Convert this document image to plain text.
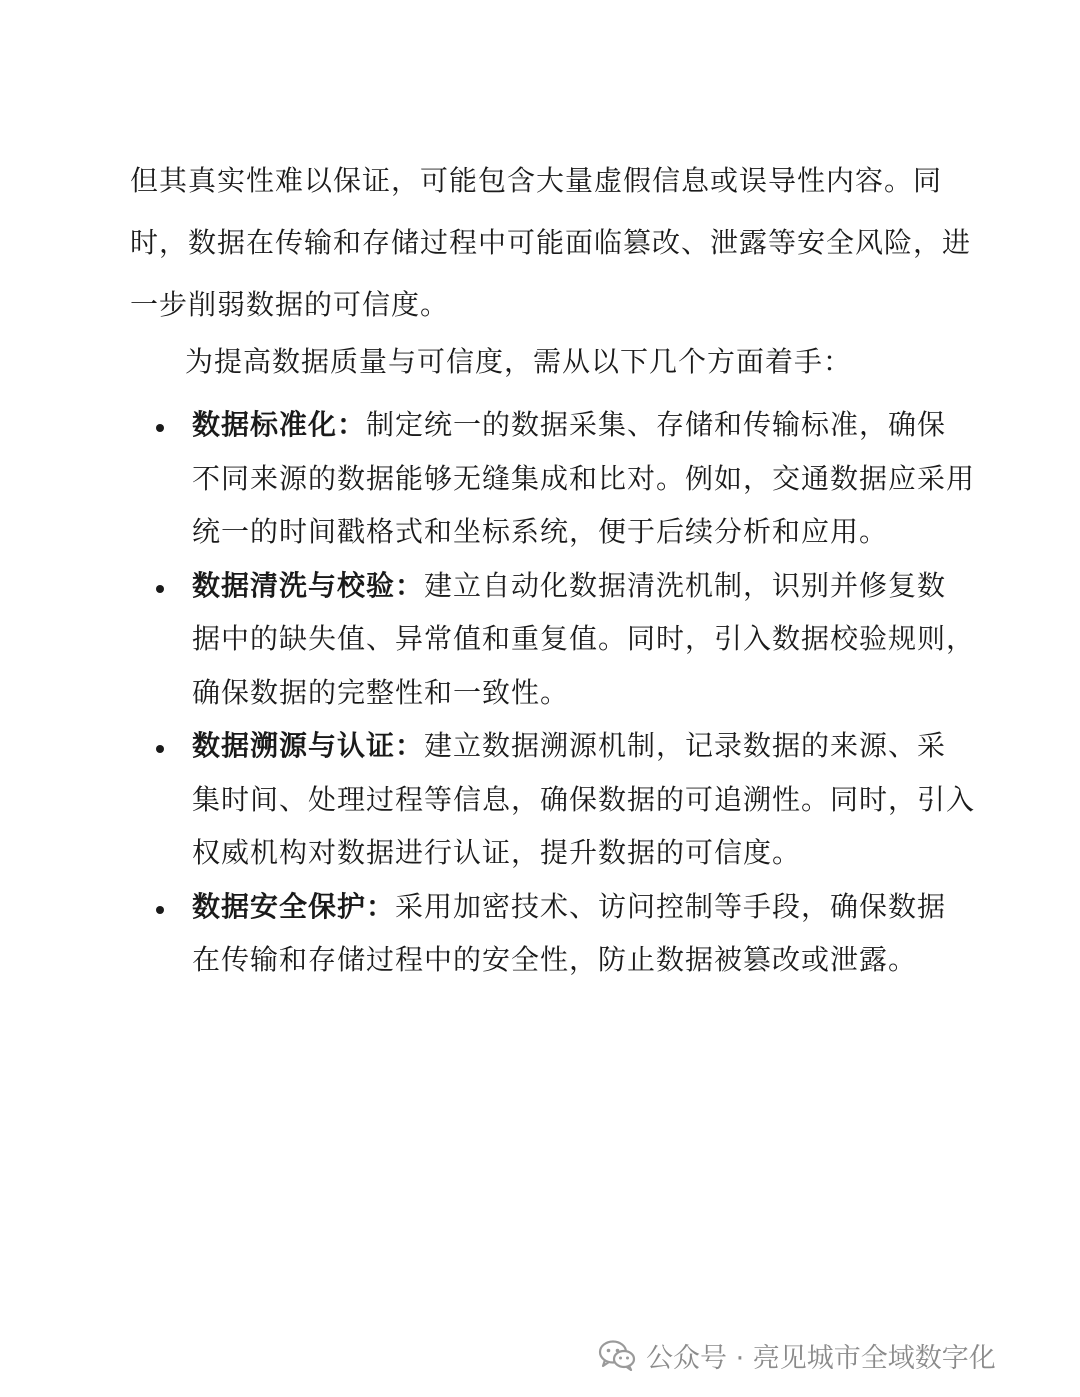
但其真实性难以保证，可能包含大量虚假信息或误导性内容。同
时，数据在传输和存储过程中可能面临篡改、泄露等安全风险，进
一步削弱数据的可信度。
为提高数据质量与可信度，需从以下几个方面着手：
数据标准化：制定统一的数据采集、存储和传输标准，确保
不同来源的数据能够无缝集成和比对。例如，交通数据应采用
统一的时间戳格式和坐标系统，便于后续分析和应用。
数据清洗与校验：建立自动化数据清洗机制，识别并修复数
据中的缺失值、异常值和重复值。同时，引入数据校验规则，
确保数据的完整性和一致性。
数据溯源与认证：建立数据溯源机制，记录数据的来源、采
集时间、处理过程等信息，确保数据的可追溯性。同时，引入
权威机构对数据进行认证，提升数据的可信度。
数据安全保护：采用加密技术、访问控制等手段，确保数据
在传输和存储过程中的安全性，防止数据被篡改或泄露。
公众号 · 亮见城市全域数字化
